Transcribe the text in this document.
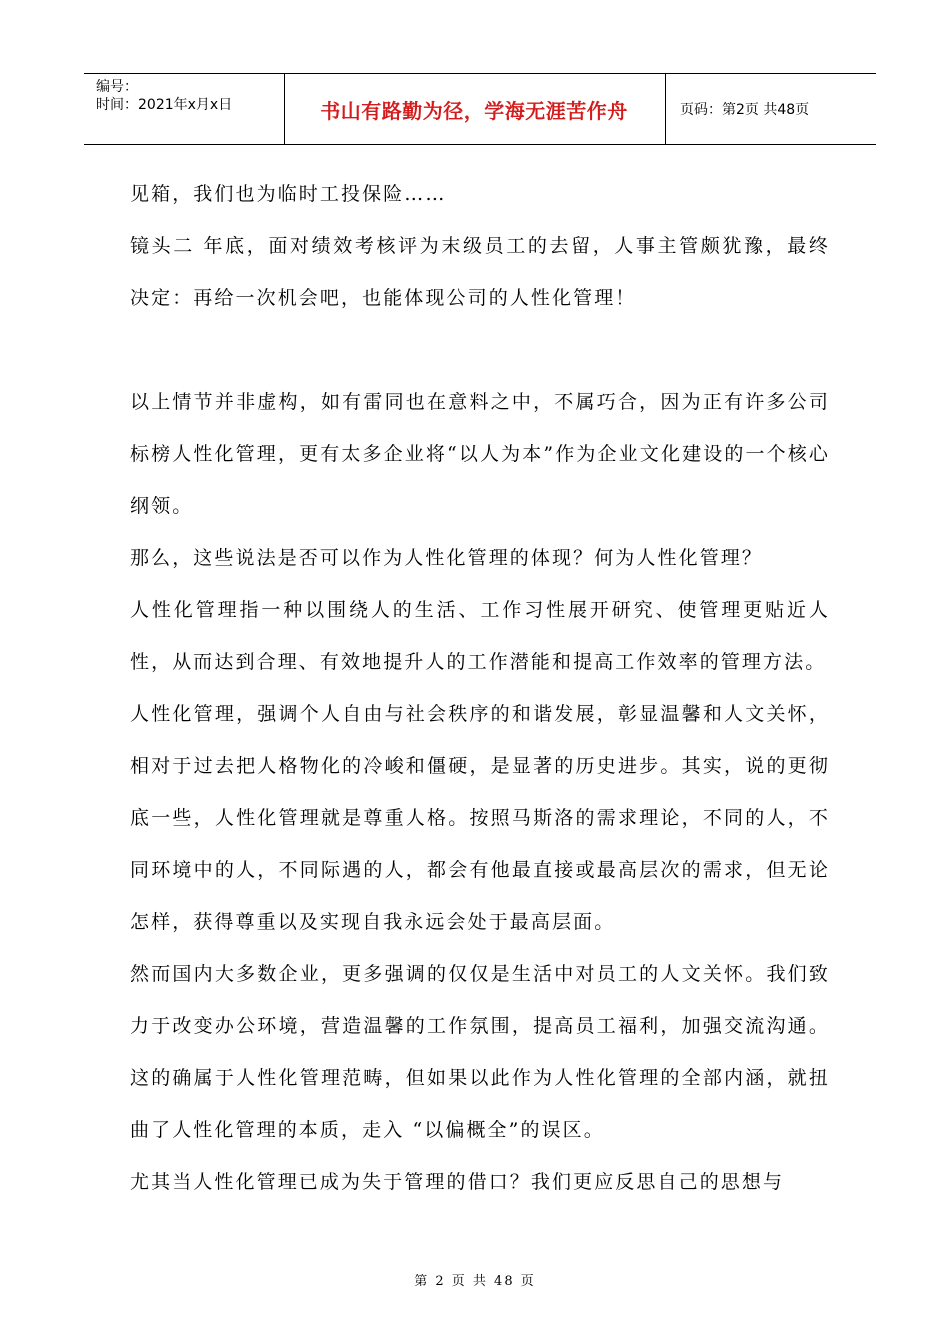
编号：
时间：2021年x月x日	书山有路勤为径，学海无涯苦作舟	页码：第2页 共48页

见箱，我们也为临时工投保险……

镜头二 年底，面对绩效考核评为末级员工的去留，人事主管颇犹豫，最终决定：再给一次机会吧，也能体现公司的人性化管理！

以上情节并非虚构，如有雷同也在意料之中，不属巧合，因为正有许多公司标榜人性化管理，更有太多企业将“以人为本”作为企业文化建设的一个核心纲领。

那么，这些说法是否可以作为人性化管理的体现？何为人性化管理？

人性化管理指一种以围绕人的生活、工作习性展开研究、使管理更贴近人性，从而达到合理、有效地提升人的工作潜能和提高工作效率的管理方法。

人性化管理，强调个人自由与社会秩序的和谐发展，彰显温馨和人文关怀，相对于过去把人格物化的冷峻和僵硬，是显著的历史进步。其实，说的更彻底一些，人性化管理就是尊重人格。按照马斯洛的需求理论，不同的人，不同环境中的人，不同际遇的人，都会有他最直接或最高层次的需求，但无论怎样，获得尊重以及实现自我永远会处于最高层面。

然而国内大多数企业，更多强调的仅仅是生活中对员工的人文关怀。我们致力于改变办公环境，营造温馨的工作氛围，提高员工福利，加强交流沟通。这的确属于人性化管理范畴，但如果以此作为人性化管理的全部内涵，就扭曲了人性化管理的本质，走入 “以偏概全”的误区。

尤其当人性化管理已成为失于管理的借口？我们更应反思自己的思想与

第 2 页 共 48 页
